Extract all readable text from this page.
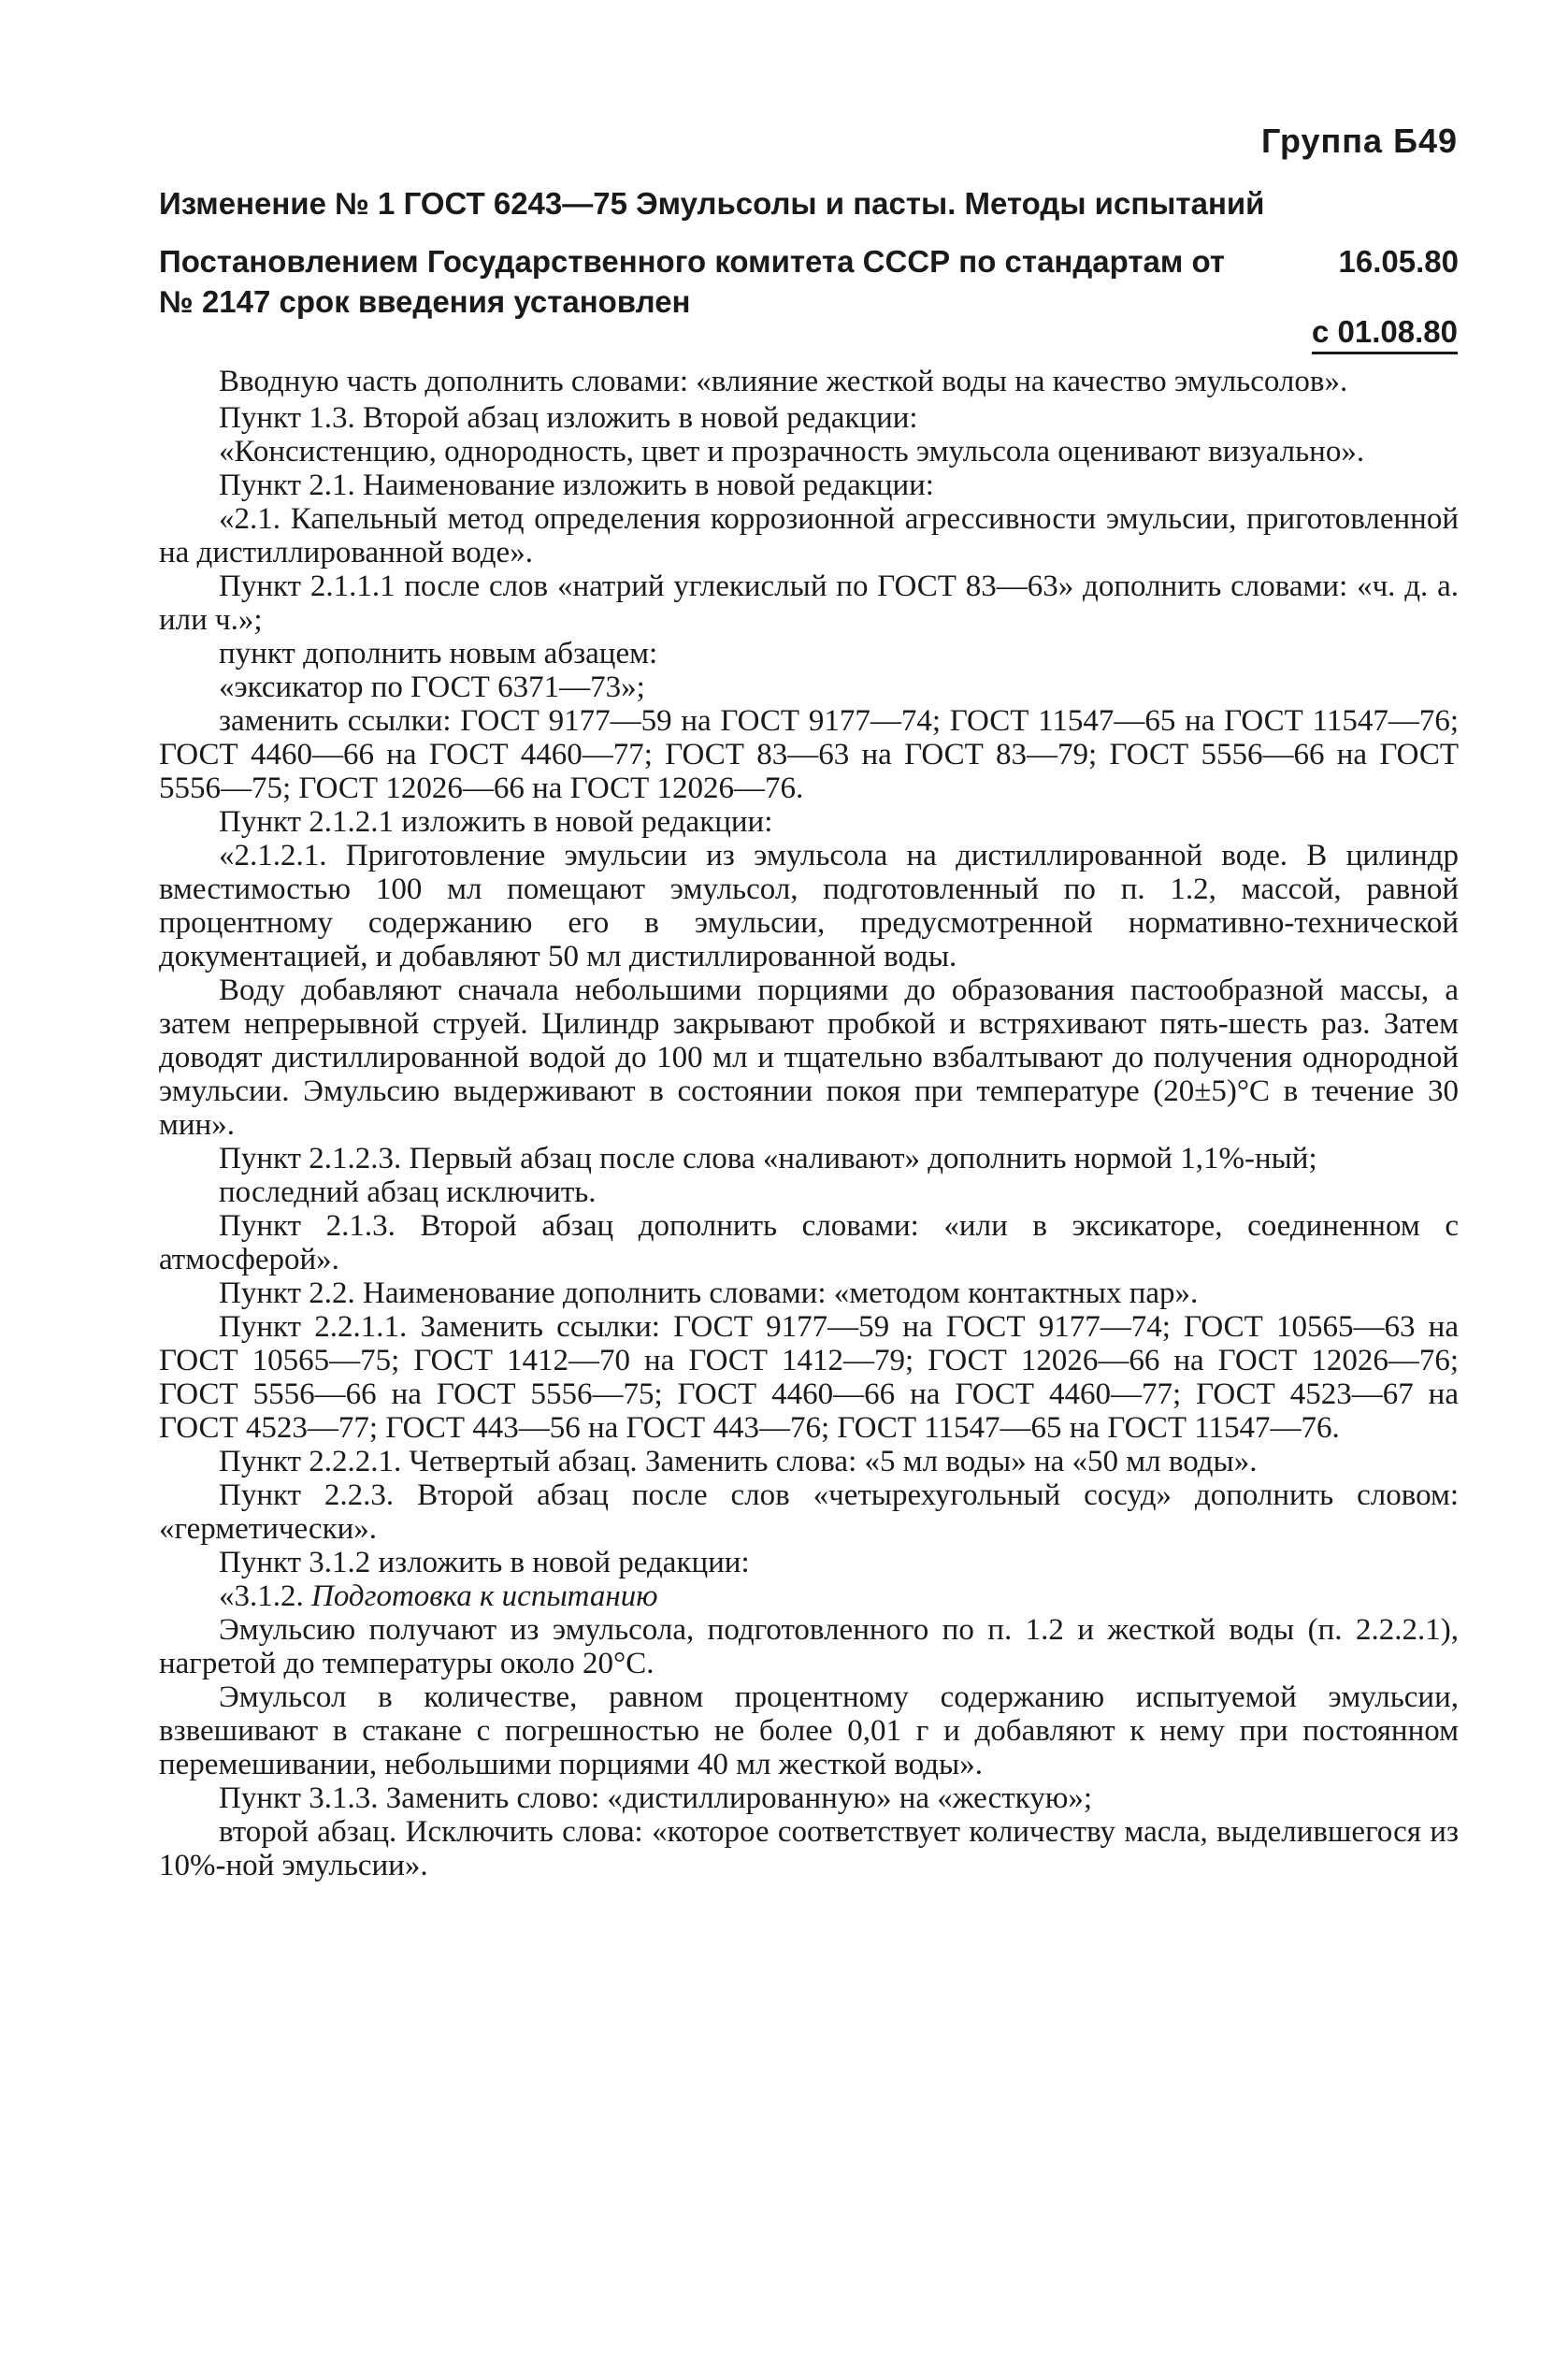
Группа Б49
Изменение № 1 ГОСТ 6243—75 Эмульсолы и пасты. Методы испытаний
Постановлением Государственного комитета СССР по стандартам от	16.05.80
№ 2147 срок введения установлен
с 01.08.80

Вводную часть дополнить словами: «влияние жесткой воды на качество эмульсолов».

Пункт 1.3. Второй абзац изложить в новой редакции:

«Консистенцию, однородность, цвет и прозрачность эмульсола оценивают визуально».

Пункт 2.1. Наименование изложить в новой редакции:

«2.1. Капельный метод определения коррозионной агрессивности эмульсии, приготовленной на дистиллированной воде».

Пункт 2.1.1.1 после слов «натрий углекислый по ГОСТ 83—63» дополнить словами: «ч. д. а. или ч.»;

пункт дополнить новым абзацем:

«эксикатор по ГОСТ 6371—73»;

заменить ссылки: ГОСТ 9177—59 на ГОСТ 9177—74; ГОСТ 11547—65 на ГОСТ 11547—76; ГОСТ 4460—66 на ГОСТ 4460—77; ГОСТ 83—63 на ГОСТ 83—79; ГОСТ 5556—66 на ГОСТ 5556—75; ГОСТ 12026—66 на ГОСТ 12026—76.

Пункт 2.1.2.1 изложить в новой редакции:

«2.1.2.1. Приготовление эмульсии из эмульсола на дистиллированной воде. В цилиндр вместимостью 100 мл помещают эмульсол, подготовленный по п. 1.2, массой, равной процентному содержанию его в эмульсии, предусмотренной нормативно-технической документацией, и добавляют 50 мл дистиллированной воды.

Воду добавляют сначала небольшими порциями до образования пастообразной массы, а затем непрерывной струей. Цилиндр закрывают пробкой и встряхивают пять-шесть раз. Затем доводят дистиллированной водой до 100 мл и тщательно взбалтывают до получения однородной эмульсии. Эмульсию выдерживают в состоянии покоя при температуре (20±5)°С в течение 30 мин».

Пункт 2.1.2.3. Первый абзац после слова «наливают» дополнить нормой 1,1%-ный;

последний абзац исключить.

Пункт 2.1.3. Второй абзац дополнить словами: «или в эксикаторе, соединенном с атмосферой».

Пункт 2.2. Наименование дополнить словами: «методом контактных пар».

Пункт 2.2.1.1. Заменить ссылки: ГОСТ 9177—59 на ГОСТ 9177—74; ГОСТ 10565—63 на ГОСТ 10565—75; ГОСТ 1412—70 на ГОСТ 1412—79; ГОСТ 12026—66 на ГОСТ 12026—76; ГОСТ 5556—66 на ГОСТ 5556—75; ГОСТ 4460—66 на ГОСТ 4460—77; ГОСТ 4523—67 на ГОСТ 4523—77; ГОСТ 443—56 на ГОСТ 443—76; ГОСТ 11547—65 на ГОСТ 11547—76.

Пункт 2.2.2.1. Четвертый абзац. Заменить слова: «5 мл воды» на «50 мл воды».

Пункт 2.2.3. Второй абзац после слов «четырехугольный сосуд» дополнить словом: «герметически».

Пункт 3.1.2 изложить в новой редакции:

«3.1.2. Подготовка к испытанию

Эмульсию получают из эмульсола, подготовленного по п. 1.2 и жесткой воды (п. 2.2.2.1), нагретой до температуры около 20°С.

Эмульсол в количестве, равном процентному содержанию испытуемой эмульсии, взвешивают в стакане с погрешностью не более 0,01 г и добавляют к нему при постоянном перемешивании, небольшими порциями 40 мл жесткой воды».

Пункт 3.1.3. Заменить слово: «дистиллированную» на «жесткую»;

второй абзац. Исключить слова: «которое соответствует количеству масла, выделившегося из 10%-ной эмульсии».
